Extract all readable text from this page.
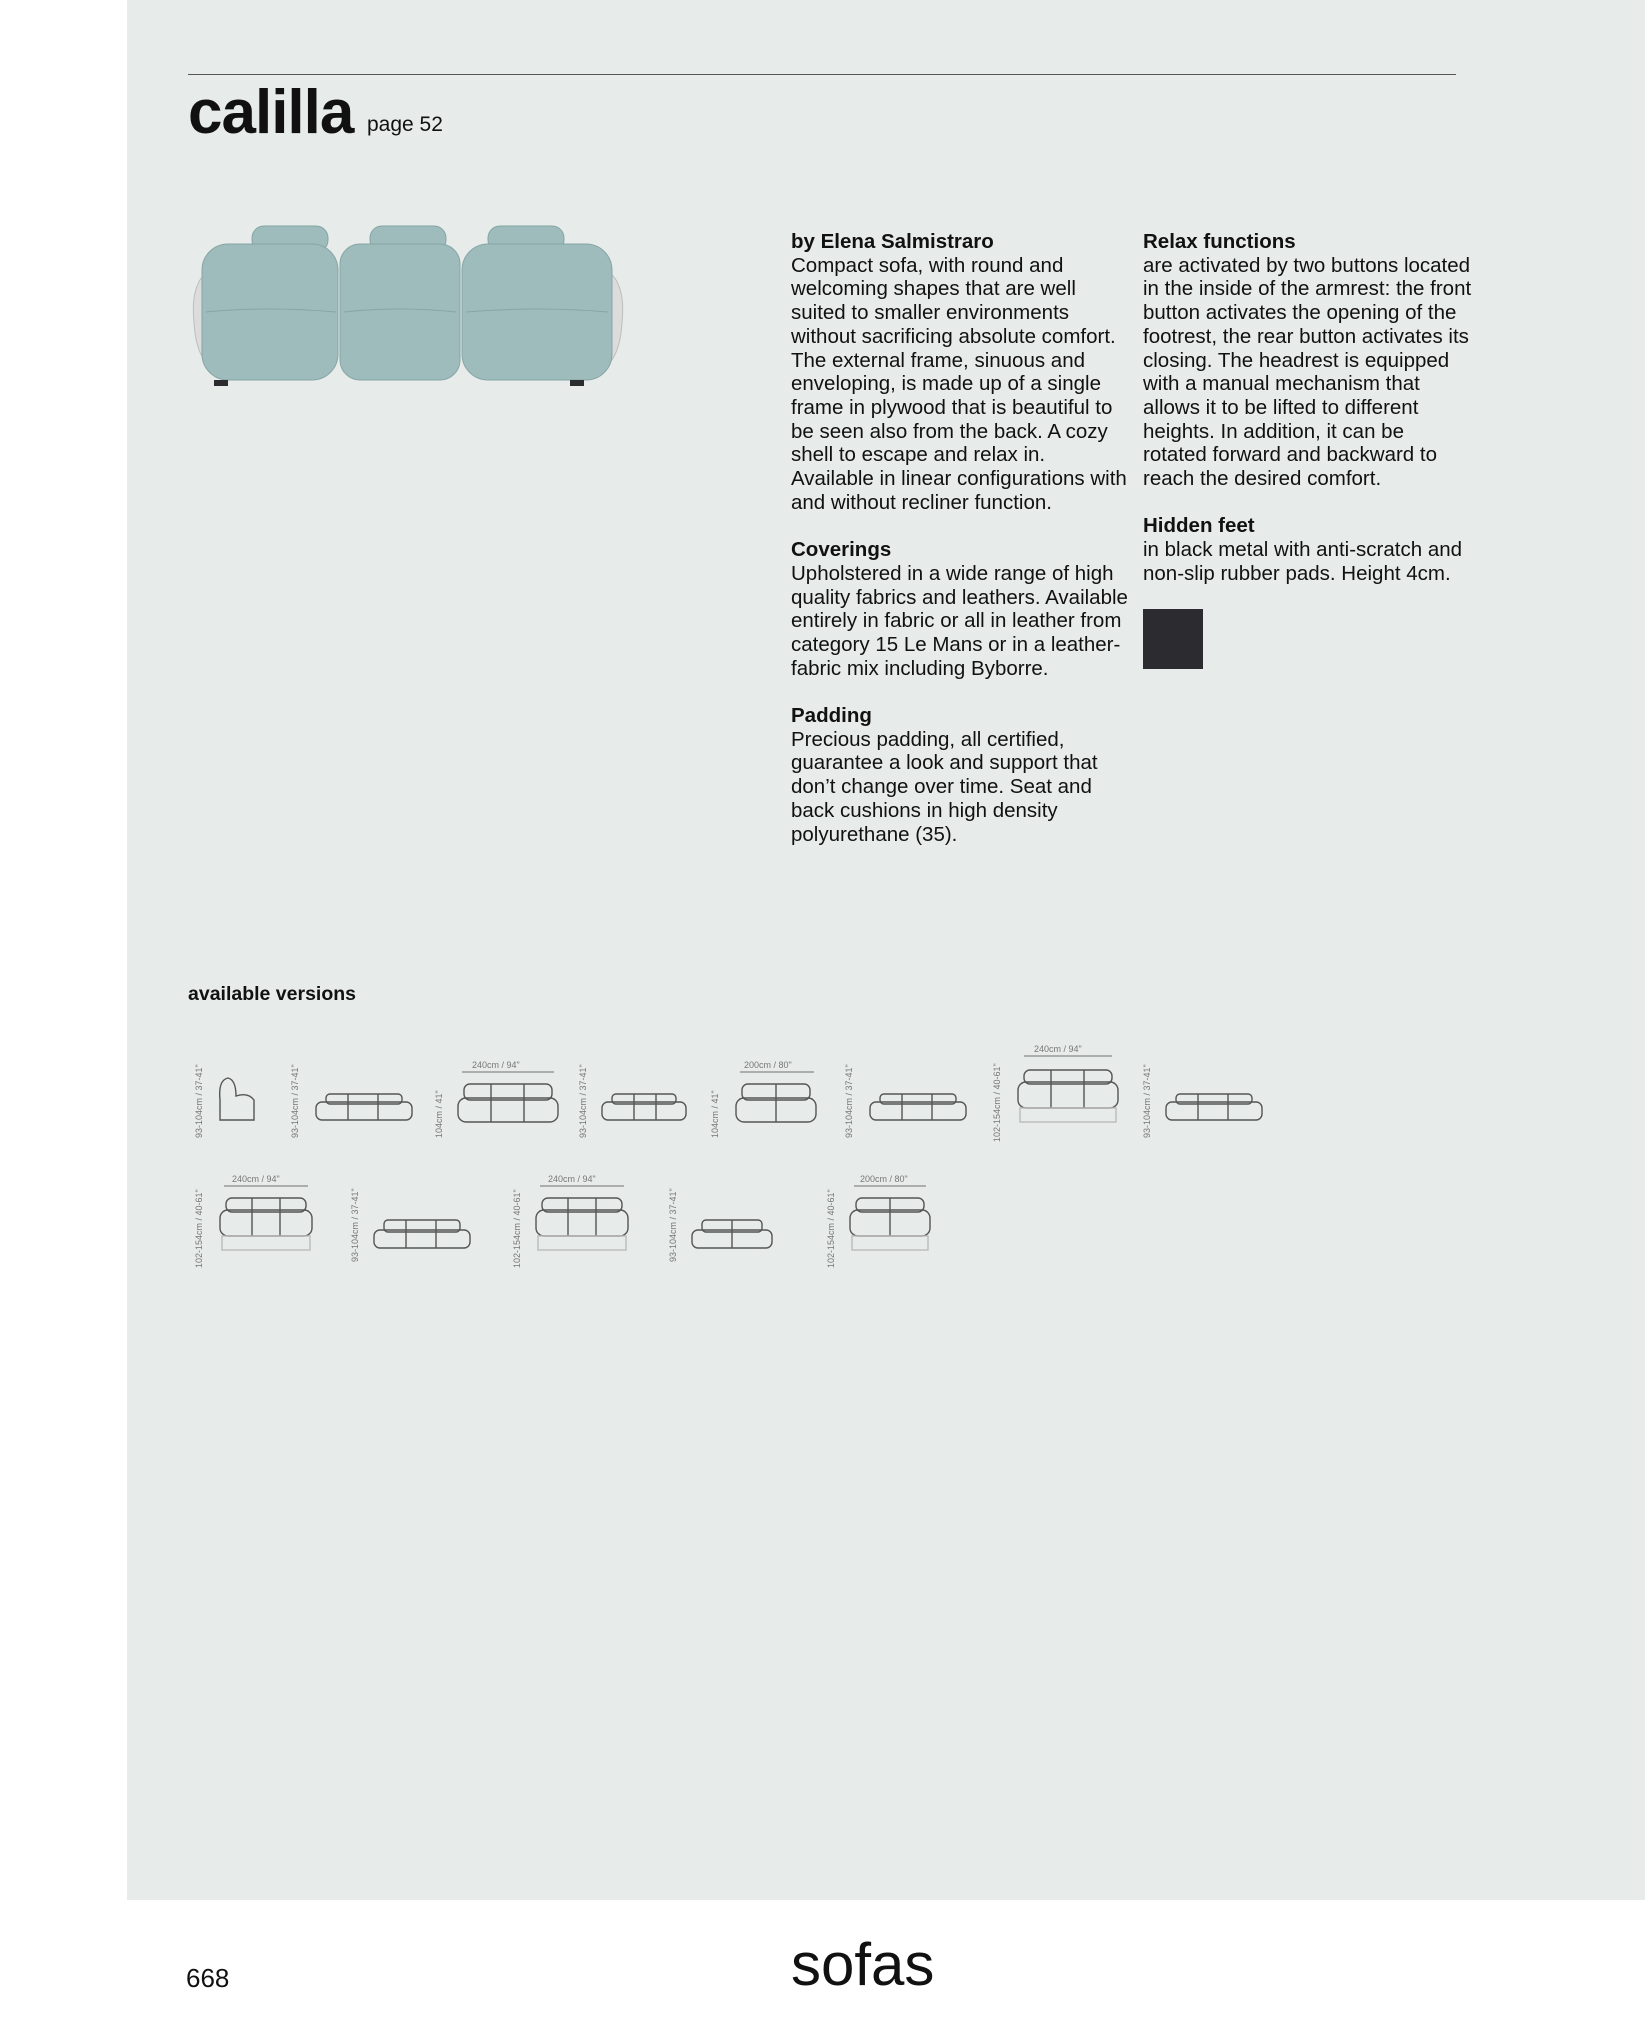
calilla page 52

by Elena Salmistraro
Compact sofa, with round and welcoming shapes that are well suited to smaller environments without sacrificing absolute comfort. The external frame, sinuous and enveloping, is made up of a single frame in plywood that is beautiful to be seen also from the back. A cozy shell to escape and relax in.
Available in linear configurations with and without recliner function.

Coverings
Upholstered in a wide range of high quality fabrics and leathers. Available entirely in fabric or all in leather from category 15 Le Mans or in a leather-fabric mix including Byborre.

Padding
Precious padding, all certified, guarantee a look and support that don’t change over time. Seat and back cushions in high density polyurethane (35).

Relax functions
are activated by two buttons located in the inside of the armrest: the front button activates the opening of the footrest, the rear button activates its closing. The headrest is equipped with a manual mechanism that allows it to be lifted to different heights. In addition, it can be rotated forward and backward to reach the desired comfort.

Hidden feet
in black metal with anti-scratch and non-slip rubber pads. Height 4cm.

available versions
93-104cm / 37-41"	93-104cm / 37-41"	240cm / 94"
104cm / 41"	93-104cm / 37-41"	200cm / 80"
104cm / 41"	93-104cm / 37-41"
240cm / 94"
102-154cm / 40-61"	93-104cm / 37-41"
240cm / 94"
102-154cm / 40-61"	93-104cm / 37-41"
240cm / 94"
102-154cm / 40-61"	93-104cm / 37-41"
200cm / 80"
102-154cm / 40-61"
668	sofas
